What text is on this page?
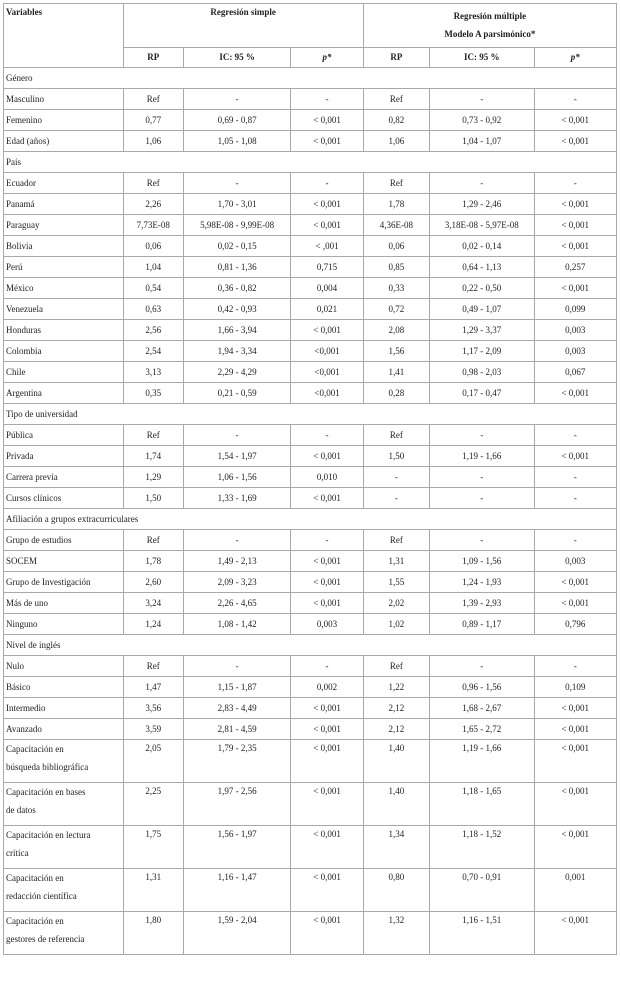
Variables	Regresión simple			Regresión múltiple
Modelo A parsimónico*		

	RP	IC: 95 %	p*	RP	IC: 95 %	p*
Género						
Masculino	Ref	-	-	Ref	-	-
Femenino	0,77	0,69 - 0,87	< 0,001	0,82	0,73 - 0,92	< 0,001
Edad (años)	1,06	1,05 - 1,08	< 0,001	1,06	1,04 - 1,07	< 0,001
País						
Ecuador	Ref	-	-	Ref	-	-
Panamá	2,26	1,70 - 3,01	< 0,001	1,78	1,29 - 2,46	< 0,001
Paraguay	7,73E-08	5,98E-08 - 9,99E-08	< 0,001	4,36E-08	3,18E-08 - 5,97E-08	< 0,001
Bolivia	0,06	0,02 - 0,15	< ,001	0,06	0,02 - 0,14	< 0,001
Perú	1,04	0,81 - 1,36	0,715	0,85	0,64 - 1,13	0,257
México	0,54	0,36 - 0,82	0,004	0,33	0,22 - 0,50	< 0,001
Venezuela	0,63	0,42 - 0,93	0,021	0,72	0,49 - 1,07	0,099
Honduras	2,56	1,66 - 3,94	< 0,001	2,08	1,29 - 3,37	0,003
Colombia	2,54	1,94 - 3,34	<0,001	1,56	1,17 - 2,09	0,003
Chile	3,13	2,29 - 4,29	<0,001	1,41	0,98 - 2,03	0,067
Argentina	0,35	0,21 - 0,59	<0,001	0,28	0,17 - 0,47	< 0,001
Tipo de universidad						
Pública	Ref	-	-	Ref	-	-
Privada	1,74	1,54 - 1,97	< 0,001	1,50	1,19 - 1,66	< 0,001
Carrera previa	1,29	1,06 - 1,56	0,010	-	-	-
Cursos clínicos	1,50	1,33 - 1,69	< 0,001	-	-	-
Afiliación a grupos extracurriculares						
Grupo de estudios	Ref	-	-	Ref	-	-
SOCEM	1,78	1,49 - 2,13	< 0,001	1,31	1,09 - 1,56	0,003
Grupo de Investigación	2,60	2,09 - 3,23	< 0,001	1,55	1,24 - 1,93	< 0,001
Más de uno	3,24	2,26 - 4,65	< 0,001	2,02	1,39 - 2,93	< 0,001
Ninguno	1,24	1,08 - 1,42	0,003	1,02	0,89 - 1,17	0,796
Nivel de inglés						
Nulo	Ref	-	-	Ref	-	-
Básico	1,47	1,15 - 1,87	0,002	1,22	0,96 - 1,56	0,109
Intermedio	3,56	2,83 - 4,49	< 0,001	2,12	1,68 - 2,67	< 0,001
Avanzado	3,59	2,81 - 4,59	< 0,001	2,12	1,65 - 2,72	< 0,001

Capacitación en
búsqueda bibliográfica	2,05	1,79 - 2,35	< 0,001	1,40	1,19 - 1,66	< 0,001

Capacitación en bases
de datos	2,25	1,97 - 2,56	< 0,001	1,40	1,18 - 1,65	< 0,001

Capacitación en lectura
crítica	1,75	1,56 - 1,97	< 0,001	1,34	1,18 - 1,52	< 0,001

Capacitación en
redacción científica	1,31	1,16 - 1,47	< 0,001	0,80	0,70 - 0,91	0,001

Capacitación en
gestores de referencia	1,80	1,59 - 2,04	< 0,001	1,32	1,16 - 1,51	< 0,001
